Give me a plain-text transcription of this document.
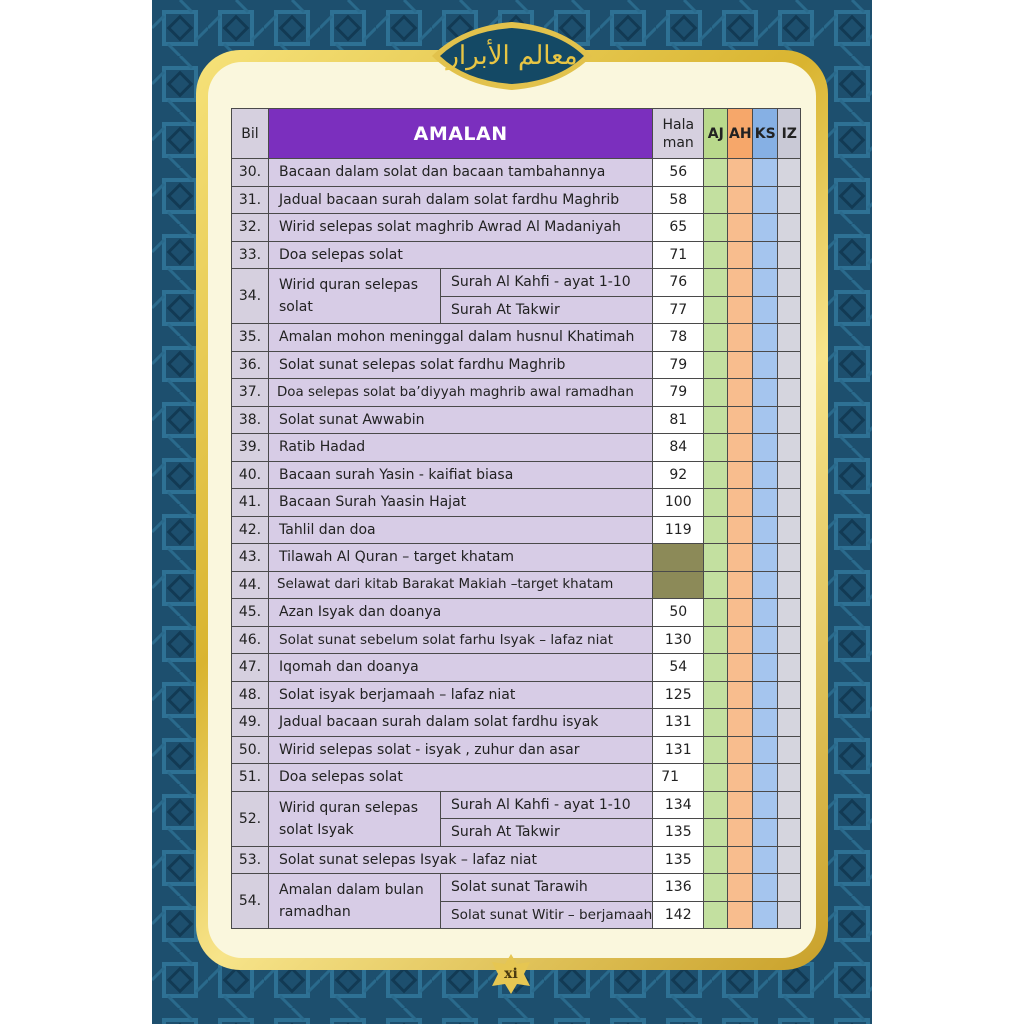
معالم الأبرار
xi
Bil	AMALAN		Hala
man	AJ	AH	KS	IZ
30.	Bacaan dalam solat dan bacaan tambahannya		56				
31.	Jadual bacaan surah dalam solat fardhu Maghrib		58				
32.	Wirid selepas solat maghrib Awrad Al Madaniyah		65				
33.	Doa selepas solat		71				
34.	Wirid quran selepas solat	Surah Al Kahfi - ayat 1-10	76				
		Surah At Takwir	77				
35.	Amalan mohon meninggal dalam husnul Khatimah		78				
36.	Solat sunat selepas solat fardhu Maghrib		79				
37.	Doa selepas solat ba’diyyah maghrib awal ramadhan		79				
38.	Solat sunat Awwabin		81				
39.	Ratib Hadad		84				
40.	Bacaan surah Yasin - kaifiat biasa		92				
41.	Bacaan Surah Yaasin Hajat		100				
42.	Tahlil dan doa		119				
43.	Tilawah Al Quran – target khatam						
44.	Selawat dari kitab Barakat Makiah –target khatam						
45.	Azan Isyak dan doanya		50				
46.	Solat sunat sebelum solat farhu Isyak – lafaz niat		130				
47.	Iqomah dan doanya		54				
48.	Solat isyak berjamaah – lafaz niat		125				
49.	Jadual bacaan surah dalam solat fardhu isyak		131				
50.	Wirid selepas solat - isyak , zuhur dan asar		131				
51.	Doa selepas solat		71				
52.	Wirid quran selepas solat Isyak	Surah Al Kahfi - ayat 1-10	134				
		Surah At Takwir	135				
53.	Solat sunat selepas Isyak – lafaz niat		135				
54.	Amalan dalam bulan ramadhan	Solat sunat Tarawih	136				
		Solat sunat Witir – berjamaah	142				
